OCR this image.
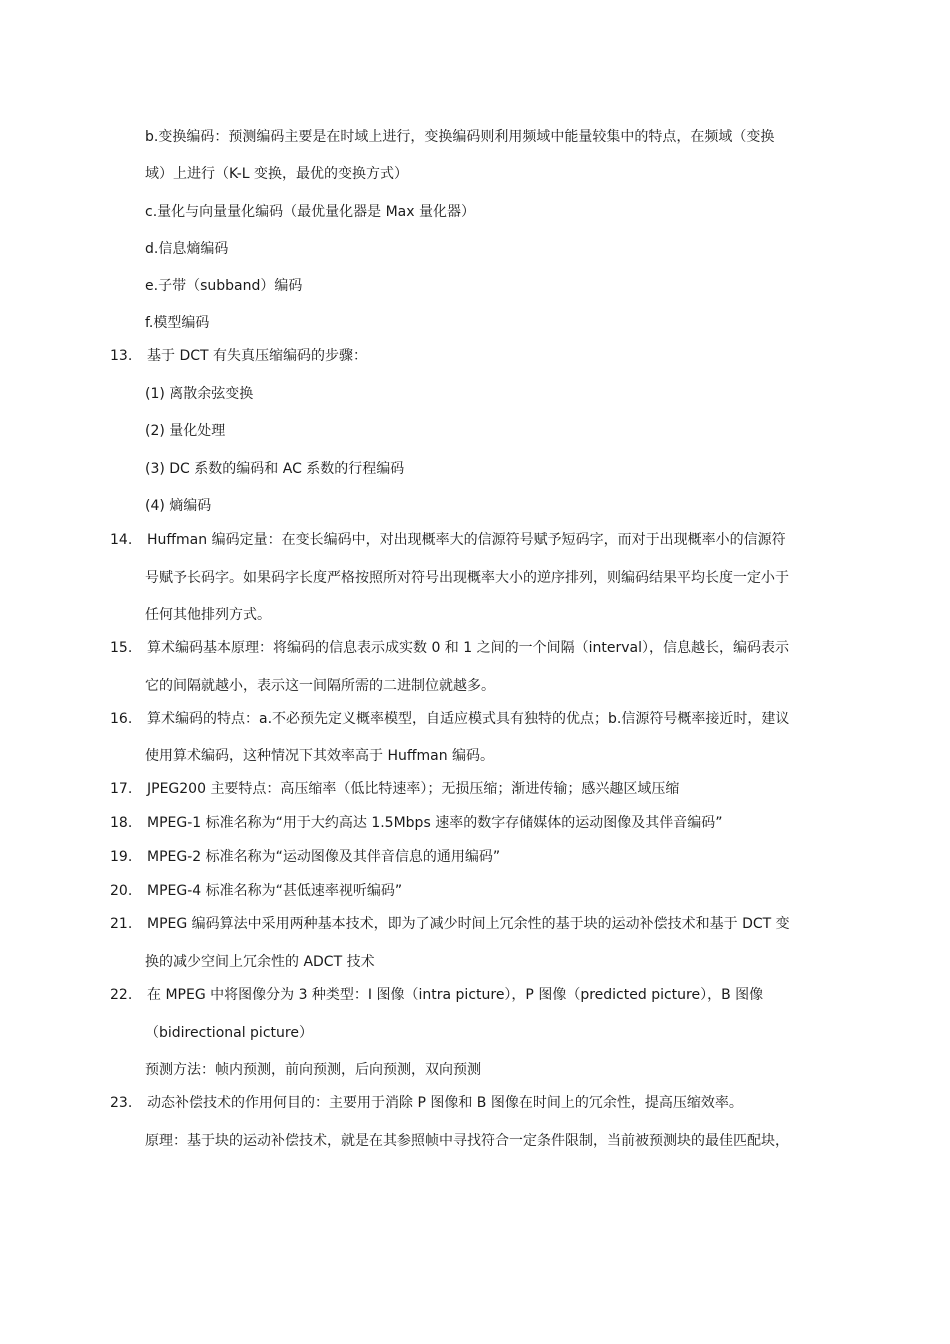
b.变换编码：预测编码主要是在时域上进行，变换编码则利用频域中能量较集中的特点，在频域（变换
域）上进行（K-L 变换，最优的变换方式）
c.量化与向量量化编码（最优量化器是 Max 量化器）
d.信息熵编码
e.子带（subband）编码
f.模型编码
13.	基于 DCT 有失真压缩编码的步骤：
(1) 离散余弦变换
(2) 量化处理
(3) DC 系数的编码和 AC 系数的行程编码
(4) 熵编码
14.	Huffman 编码定量：在变长编码中，对出现概率大的信源符号赋予短码字，而对于出现概率小的信源符
号赋予长码字。如果码字长度严格按照所对符号出现概率大小的逆序排列，则编码结果平均长度一定小于
任何其他排列方式。
15.	算术编码基本原理：将编码的信息表示成实数 0 和 1 之间的一个间隔（interval），信息越长，编码表示
它的间隔就越小，表示这一间隔所需的二进制位就越多。
16.	算术编码的特点：a.不必预先定义概率模型，自适应模式具有独特的优点；b.信源符号概率接近时，建议
使用算术编码，这种情况下其效率高于 Huffman 编码。
17.	JPEG200 主要特点：高压缩率（低比特速率）；无损压缩；渐进传输；感兴趣区域压缩
18.	MPEG-1 标准名称为“用于大约高达 1.5Mbps 速率的数字存储媒体的运动图像及其伴音编码”
19.	MPEG-2 标准名称为“运动图像及其伴音信息的通用编码”
20.	MPEG-4 标准名称为“甚低速率视听编码”
21.	MPEG 编码算法中采用两种基本技术，即为了减少时间上冗余性的基于块的运动补偿技术和基于 DCT 变
换的减少空间上冗余性的 ADCT 技术
22.	在 MPEG 中将图像分为 3 种类型：I 图像（intra picture），P 图像（predicted picture），B 图像
（bidirectional picture）
预测方法：帧内预测，前向预测，后向预测，双向预测
23.	动态补偿技术的作用何目的：主要用于消除 P 图像和 B 图像在时间上的冗余性，提高压缩效率。
原理：基于块的运动补偿技术，就是在其参照帧中寻找符合一定条件限制，当前被预测块的最佳匹配块，
